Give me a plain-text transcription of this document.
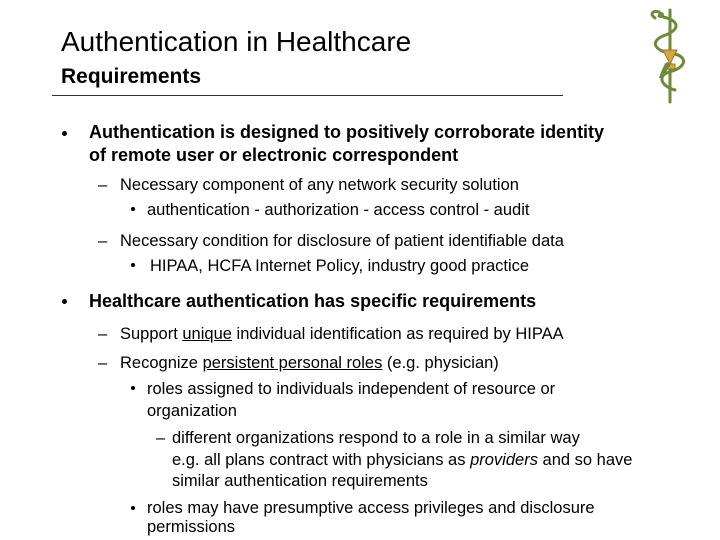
Authentication in Healthcare
Requirements
Authentication is designed to positively corroborate identity
of remote user or electronic correspondent
– Necessary component of any network security solution
authentication - authorization - access control - audit
– Necessary condition for disclosure of patient identifiable data
HIPAA, HCFA Internet Policy, industry good practice
Healthcare authentication has specific requirements
– Support unique individual identification as required by HIPAA
– Recognize persistent personal roles (e.g. physician)
roles assigned to individuals independent of resource or
organization
– different organizations respond to a role in a similar way
e.g. all plans contract with physicians as providers and so have
similar authentication requirements
roles may have presumptive access privileges and disclosure
permissions
